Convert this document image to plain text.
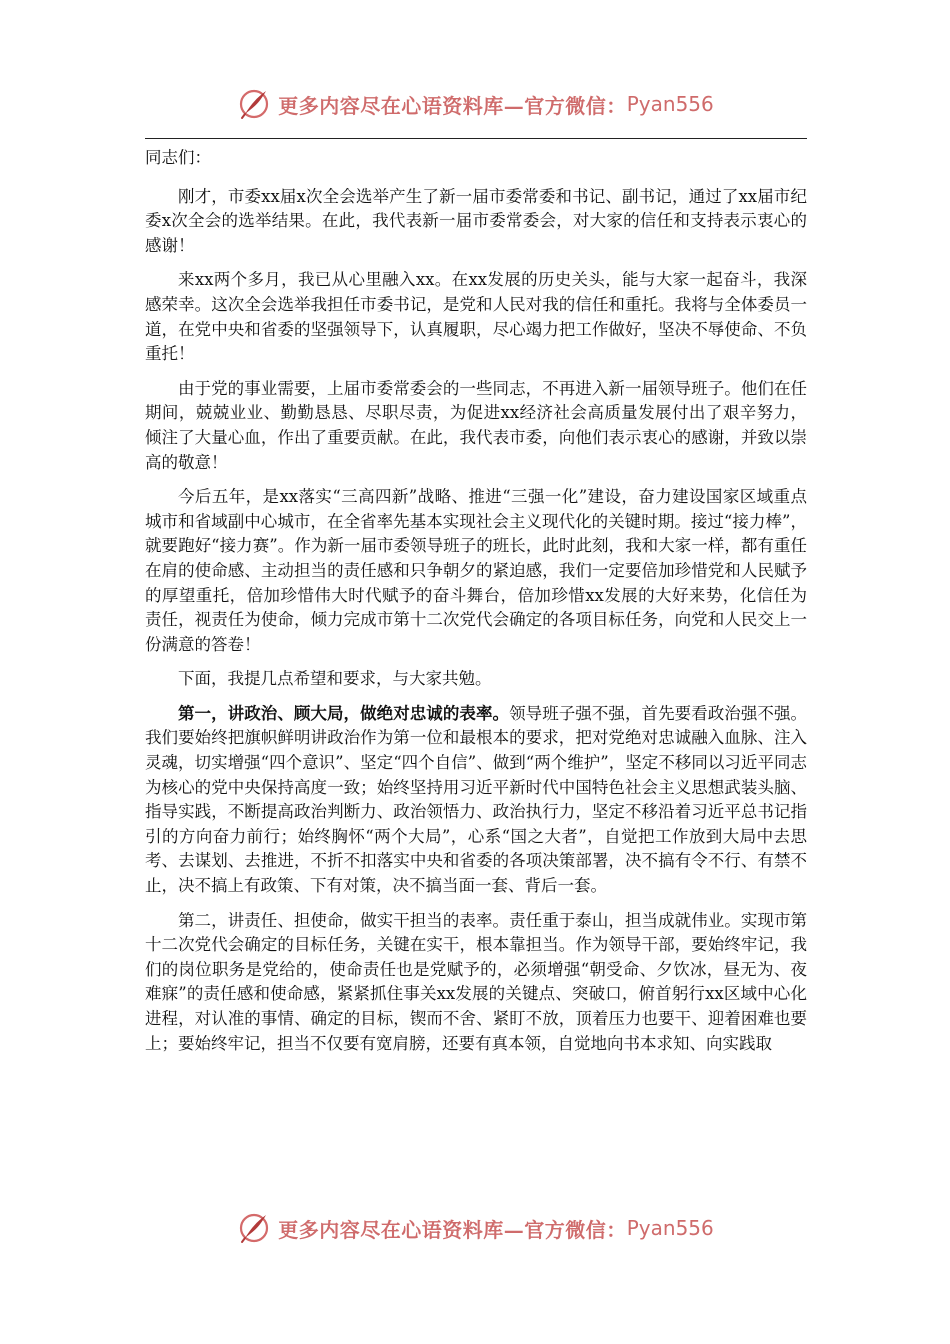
更多内容尽在心语资料库—官方微信： Pyan556

同志们：

刚才，市委xx届x次全会选举产生了新一届市委常委和书记、副书记，通过了xx届市纪委x次全会的选举结果。在此，我代表新一届市委常委会，对大家的信任和支持表示衷心的感谢！

来xx两个多月，我已从心里融入xx。在xx发展的历史关头，能与大家一起奋斗，我深感荣幸。这次全会选举我担任市委书记，是党和人民对我的信任和重托。我将与全体委员一道，在党中央和省委的坚强领导下，认真履职，尽心竭力把工作做好，坚决不辱使命、不负重托！

由于党的事业需要，上届市委常委会的一些同志，不再进入新一届领导班子。他们在任期间，兢兢业业、勤勤恳恳、尽职尽责，为促进xx经济社会高质量发展付出了艰辛努力，倾注了大量心血，作出了重要贡献。在此，我代表市委，向他们表示衷心的感谢，并致以崇高的敬意！

今后五年，是xx落实“三高四新”战略、推进“三强一化”建设，奋力建设国家区域重点城市和省域副中心城市，在全省率先基本实现社会主义现代化的关键时期。接过“接力棒”，就要跑好“接力赛”。作为新一届市委领导班子的班长，此时此刻，我和大家一样，都有重任在肩的使命感、主动担当的责任感和只争朝夕的紧迫感，我们一定要倍加珍惜党和人民赋予的厚望重托，倍加珍惜伟大时代赋予的奋斗舞台，倍加珍惜xx发展的大好来势，化信任为责任，视责任为使命，倾力完成市第十二次党代会确定的各项目标任务，向党和人民交上一份满意的答卷！

下面，我提几点希望和要求，与大家共勉。

第一，讲政治、顾大局，做绝对忠诚的表率。领导班子强不强，首先要看政治强不强。我们要始终把旗帜鲜明讲政治作为第一位和最根本的要求，把对党绝对忠诚融入血脉、注入灵魂，切实增强“四个意识”、坚定“四个自信”、做到“两个维护”，坚定不移同以习近平同志为核心的党中央保持高度一致；始终坚持用习近平新时代中国特色社会主义思想武装头脑、指导实践，不断提高政治判断力、政治领悟力、政治执行力，坚定不移沿着习近平总书记指引的方向奋力前行；始终胸怀“两个大局”，心系“国之大者”，自觉把工作放到大局中去思考、去谋划、去推进，不折不扣落实中央和省委的各项决策部署，决不搞有令不行、有禁不止，决不搞上有政策、下有对策，决不搞当面一套、背后一套。

第二，讲责任、担使命，做实干担当的表率。责任重于泰山，担当成就伟业。实现市第十二次党代会确定的目标任务，关键在实干，根本靠担当。作为领导干部，要始终牢记，我们的岗位职务是党给的，使命责任也是党赋予的，必须增强“朝受命、夕饮冰，昼无为、夜难寐”的责任感和使命感，紧紧抓住事关xx发展的关键点、突破口，俯首躬行xx区域中心化进程，对认准的事情、确定的目标，锲而不舍、紧盯不放，顶着压力也要干、迎着困难也要上；要始终牢记，担当不仅要有宽肩膀，还要有真本领，自觉地向书本求知、向实践取

更多内容尽在心语资料库—官方微信： Pyan556
